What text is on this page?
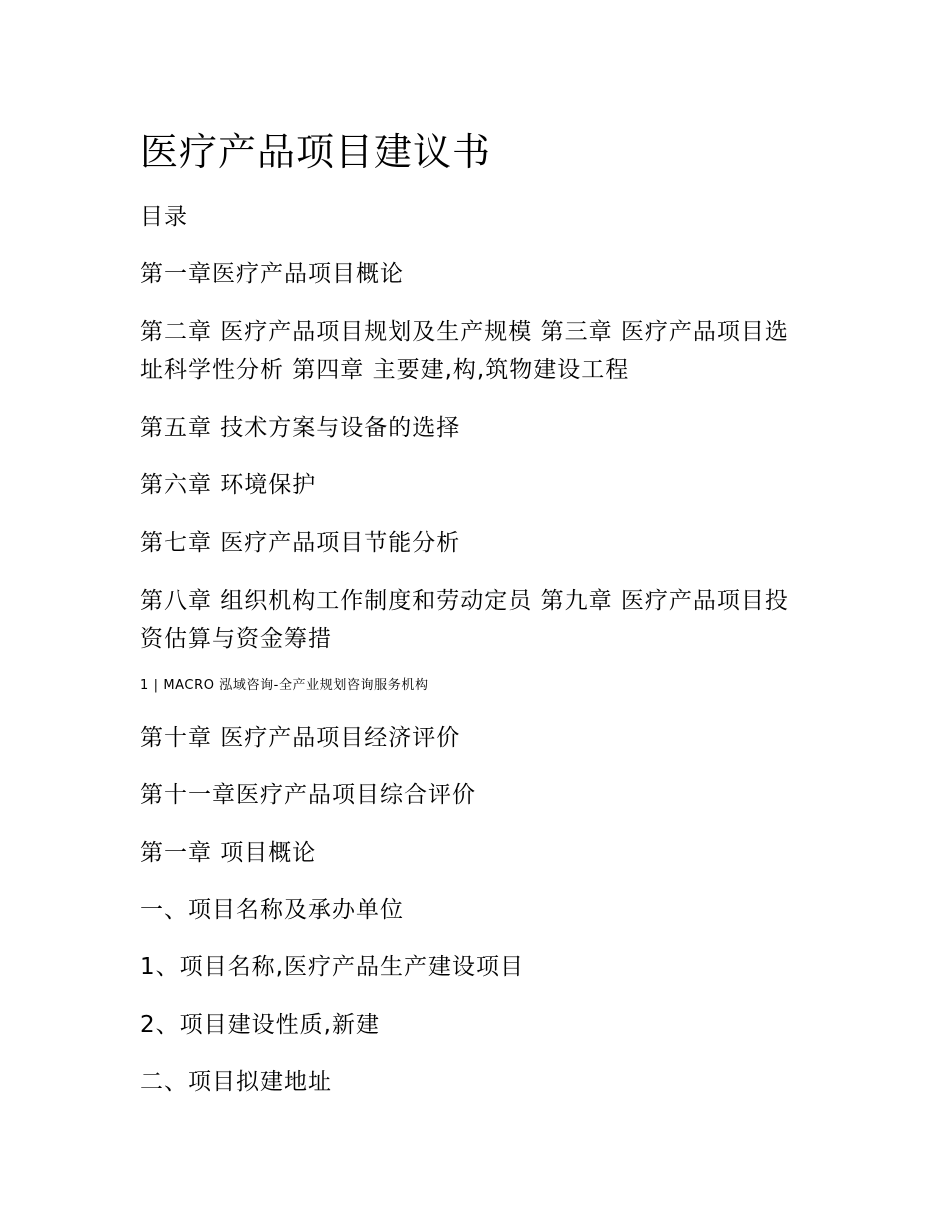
医疗产品项目建议书
目录
第一章医疗产品项目概论
第二章 医疗产品项目规划及生产规模 第三章 医疗产品项目选址科学性分析 第四章 主要建,构,筑物建设工程
第五章 技术方案与设备的选择
第六章 环境保护
第七章 医疗产品项目节能分析
第八章 组织机构工作制度和劳动定员 第九章 医疗产品项目投资估算与资金筹措
1 | MACRO 泓域咨询-全产业规划咨询服务机构
第十章 医疗产品项目经济评价
第十一章医疗产品项目综合评价
第一章 项目概论
一、项目名称及承办单位
1、项目名称,医疗产品生产建设项目
2、项目建设性质,新建
二、项目拟建地址
